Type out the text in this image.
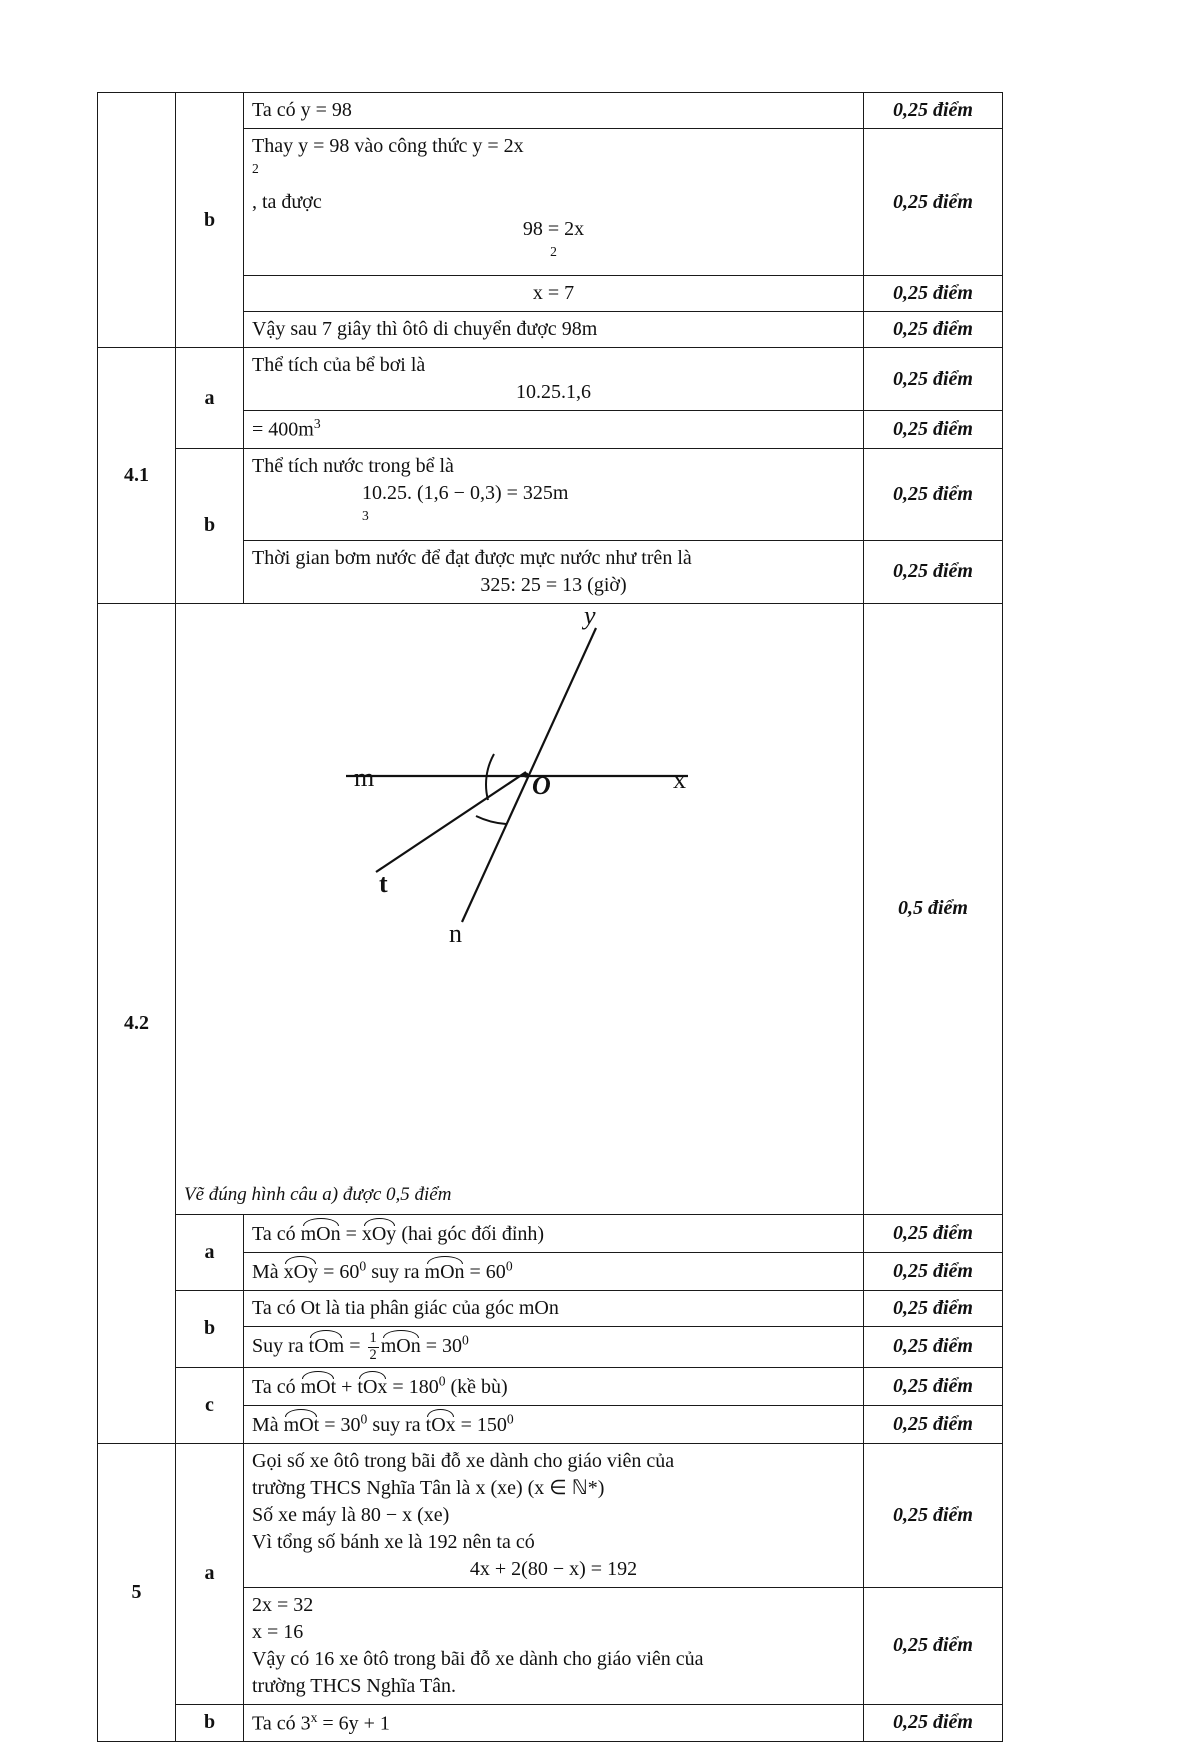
	b	Ta có y = 98	0,25 điểm

		Thay y = 98 vào công thức y = 2x
$^2$
, ta được
98 = 2x
$^2$	0,25 điểm

		x = 7	0,25 điểm
		Vậy sau 7 giây thì ôtô di chuyển được 98m	0,25 điểm
4.1	a	Thể tích của bể bơi là
10.25.1,6	0,25 điểm
		= $400m^3$	0,25 điểm
	b	Thể tích nước trong bể là
10.25. (1,6 − 0,3) = 325m
$^3$	0,25 điểm

		Thời gian bơm nước để đạt được mực nước như trên là
325: 25 = 13 (giờ)	0,25 điểm
4.2	
y
m	x
t
n
O
Vẽ đúng hình câu a) được 0,5 điểm
	0,5 điểm
	a	Ta có mOn = xOy (hai góc đối đỉnh)	0,25 điểm
		Mà xOy = $60^0$ suy ra mOn = $60^0$	0,25 điểm
	b	Ta có Ot là tia phân giác của góc mOn	0,25 điểm
		Suy ra tOm = $\frac{1}{2}$ mOn = $30^0$	0,25 điểm
	c	Ta có mOt + tOx = $180^0$ (kề bù)	0,25 điểm
		Mà mOt = $30^0$ suy ra tOx = $150^0$	0,25 điểm
5	a	Gọi số xe ôtô trong bãi đỗ xe dành cho giáo viên của
trường THCS Nghĩa Tân là x (xe) (x ∈ ℕ*)
Số xe máy là 80 − x (xe)
Vì tổng số bánh xe là 192 nên ta có
4x + 2(80 − x) = 192	0,25 điểm

		2x = 32
x = 16
Vậy có 16 xe ôtô trong bãi đỗ xe dành cho giáo viên của
trường THCS Nghĩa Tân.	0,25 điểm
	b	Ta có $3^x = 6y + 1$	0,25 điểm
